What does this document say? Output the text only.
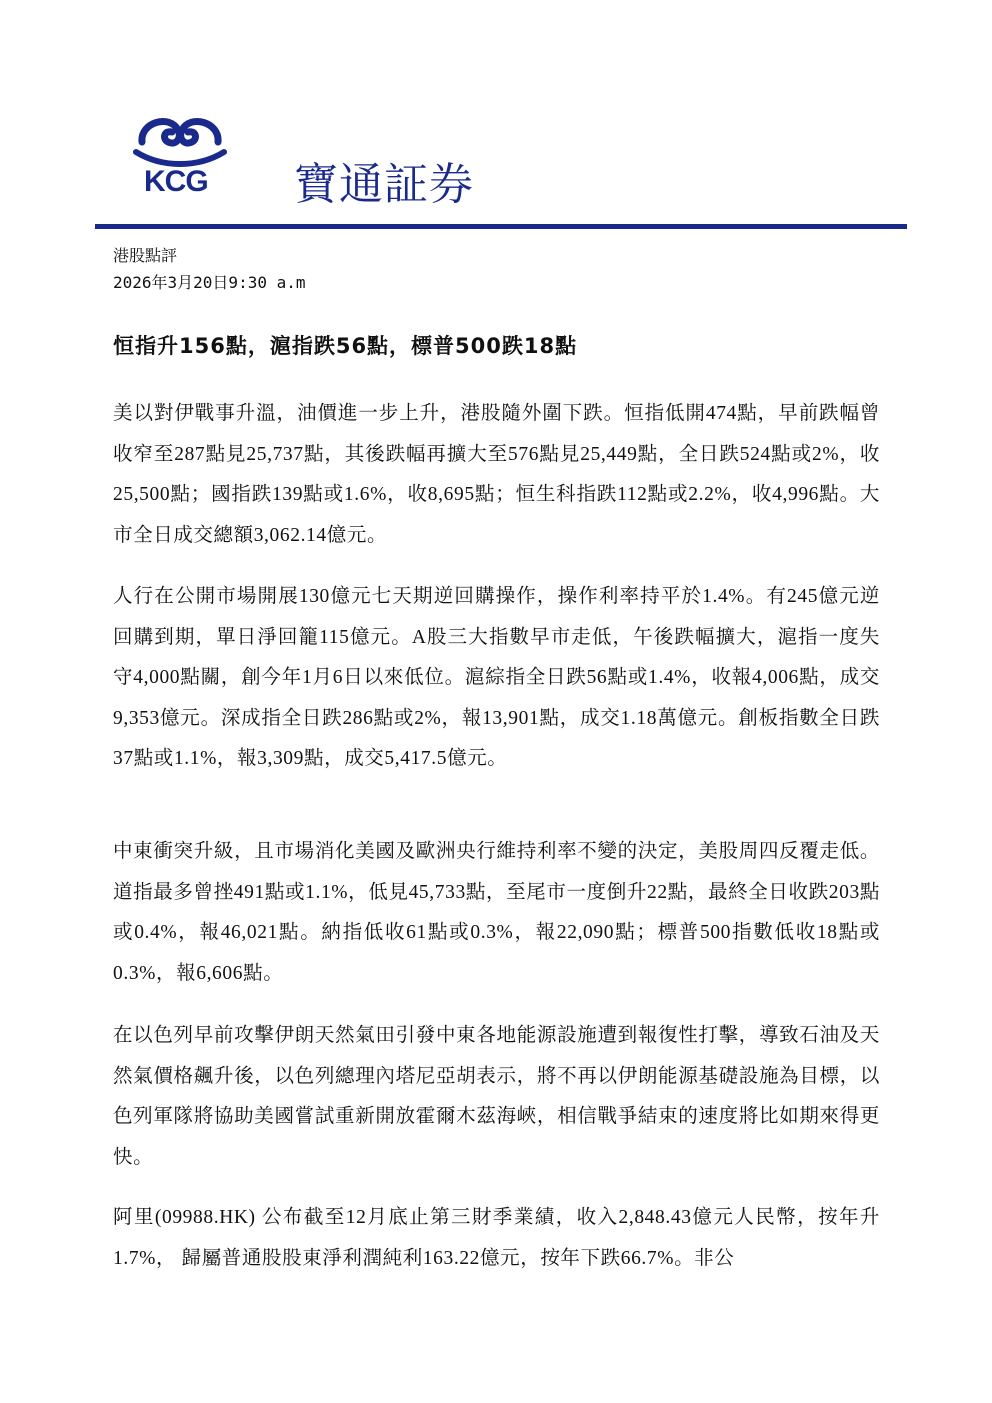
KCG 寶通証券
港股點評
2026年3月20日9:30 a.m
恒指升156點，滬指跌56點，標普500跌18點

美以對伊戰事升溫，油價進一步上升，港股隨外圍下跌。恒指低開474點，早前跌幅曾收窄至287點見25,737點，其後跌幅再擴大至576點見25,449點，全日跌524點或2%，收25,500點；國指跌139點或1.6%，收8,695點；恒生科指跌112點或2.2%，收4,996點。大市全日成交總額3,062.14億元。

人行在公開市場開展130億元七天期逆回購操作，操作利率持平於1.4%。有245億元逆回購到期，單日淨回籠115億元。A股三大指數早市走低，午後跌幅擴大，滬指一度失守4,000點關，創今年1月6日以來低位。滬綜指全日跌56點或1.4%，收報4,006點，成交9,353億元。深成指全日跌286點或2%，報13,901點，成交1.18萬億元。創板指數全日跌37點或1.1%，報3,309點，成交5,417.5億元。

中東衝突升級，且市場消化美國及歐洲央行維持利率不變的決定，美股周四反覆走低。道指最多曾挫491點或1.1%，低見45,733點，至尾市一度倒升22點，最終全日收跌203點或0.4%，報46,021點。納指低收61點或0.3%，報22,090點；標普500指數低收18點或0.3%，報6,606點。

在以色列早前攻擊伊朗天然氣田引發中東各地能源設施遭到報復性打擊，導致石油及天然氣價格飆升後，以色列總理內塔尼亞胡表示，將不再以伊朗能源基礎設施為目標，以色列軍隊將協助美國嘗試重新開放霍爾木茲海峽，相信戰爭結束的速度將比如期來得更快。

阿里(09988.HK) 公布截至12月底止第三財季業績，收入2,848.43億元人民幣，按年升1.7%， 歸屬普通股股東淨利潤純利163.22億元，按年下跌66.7%。非公
